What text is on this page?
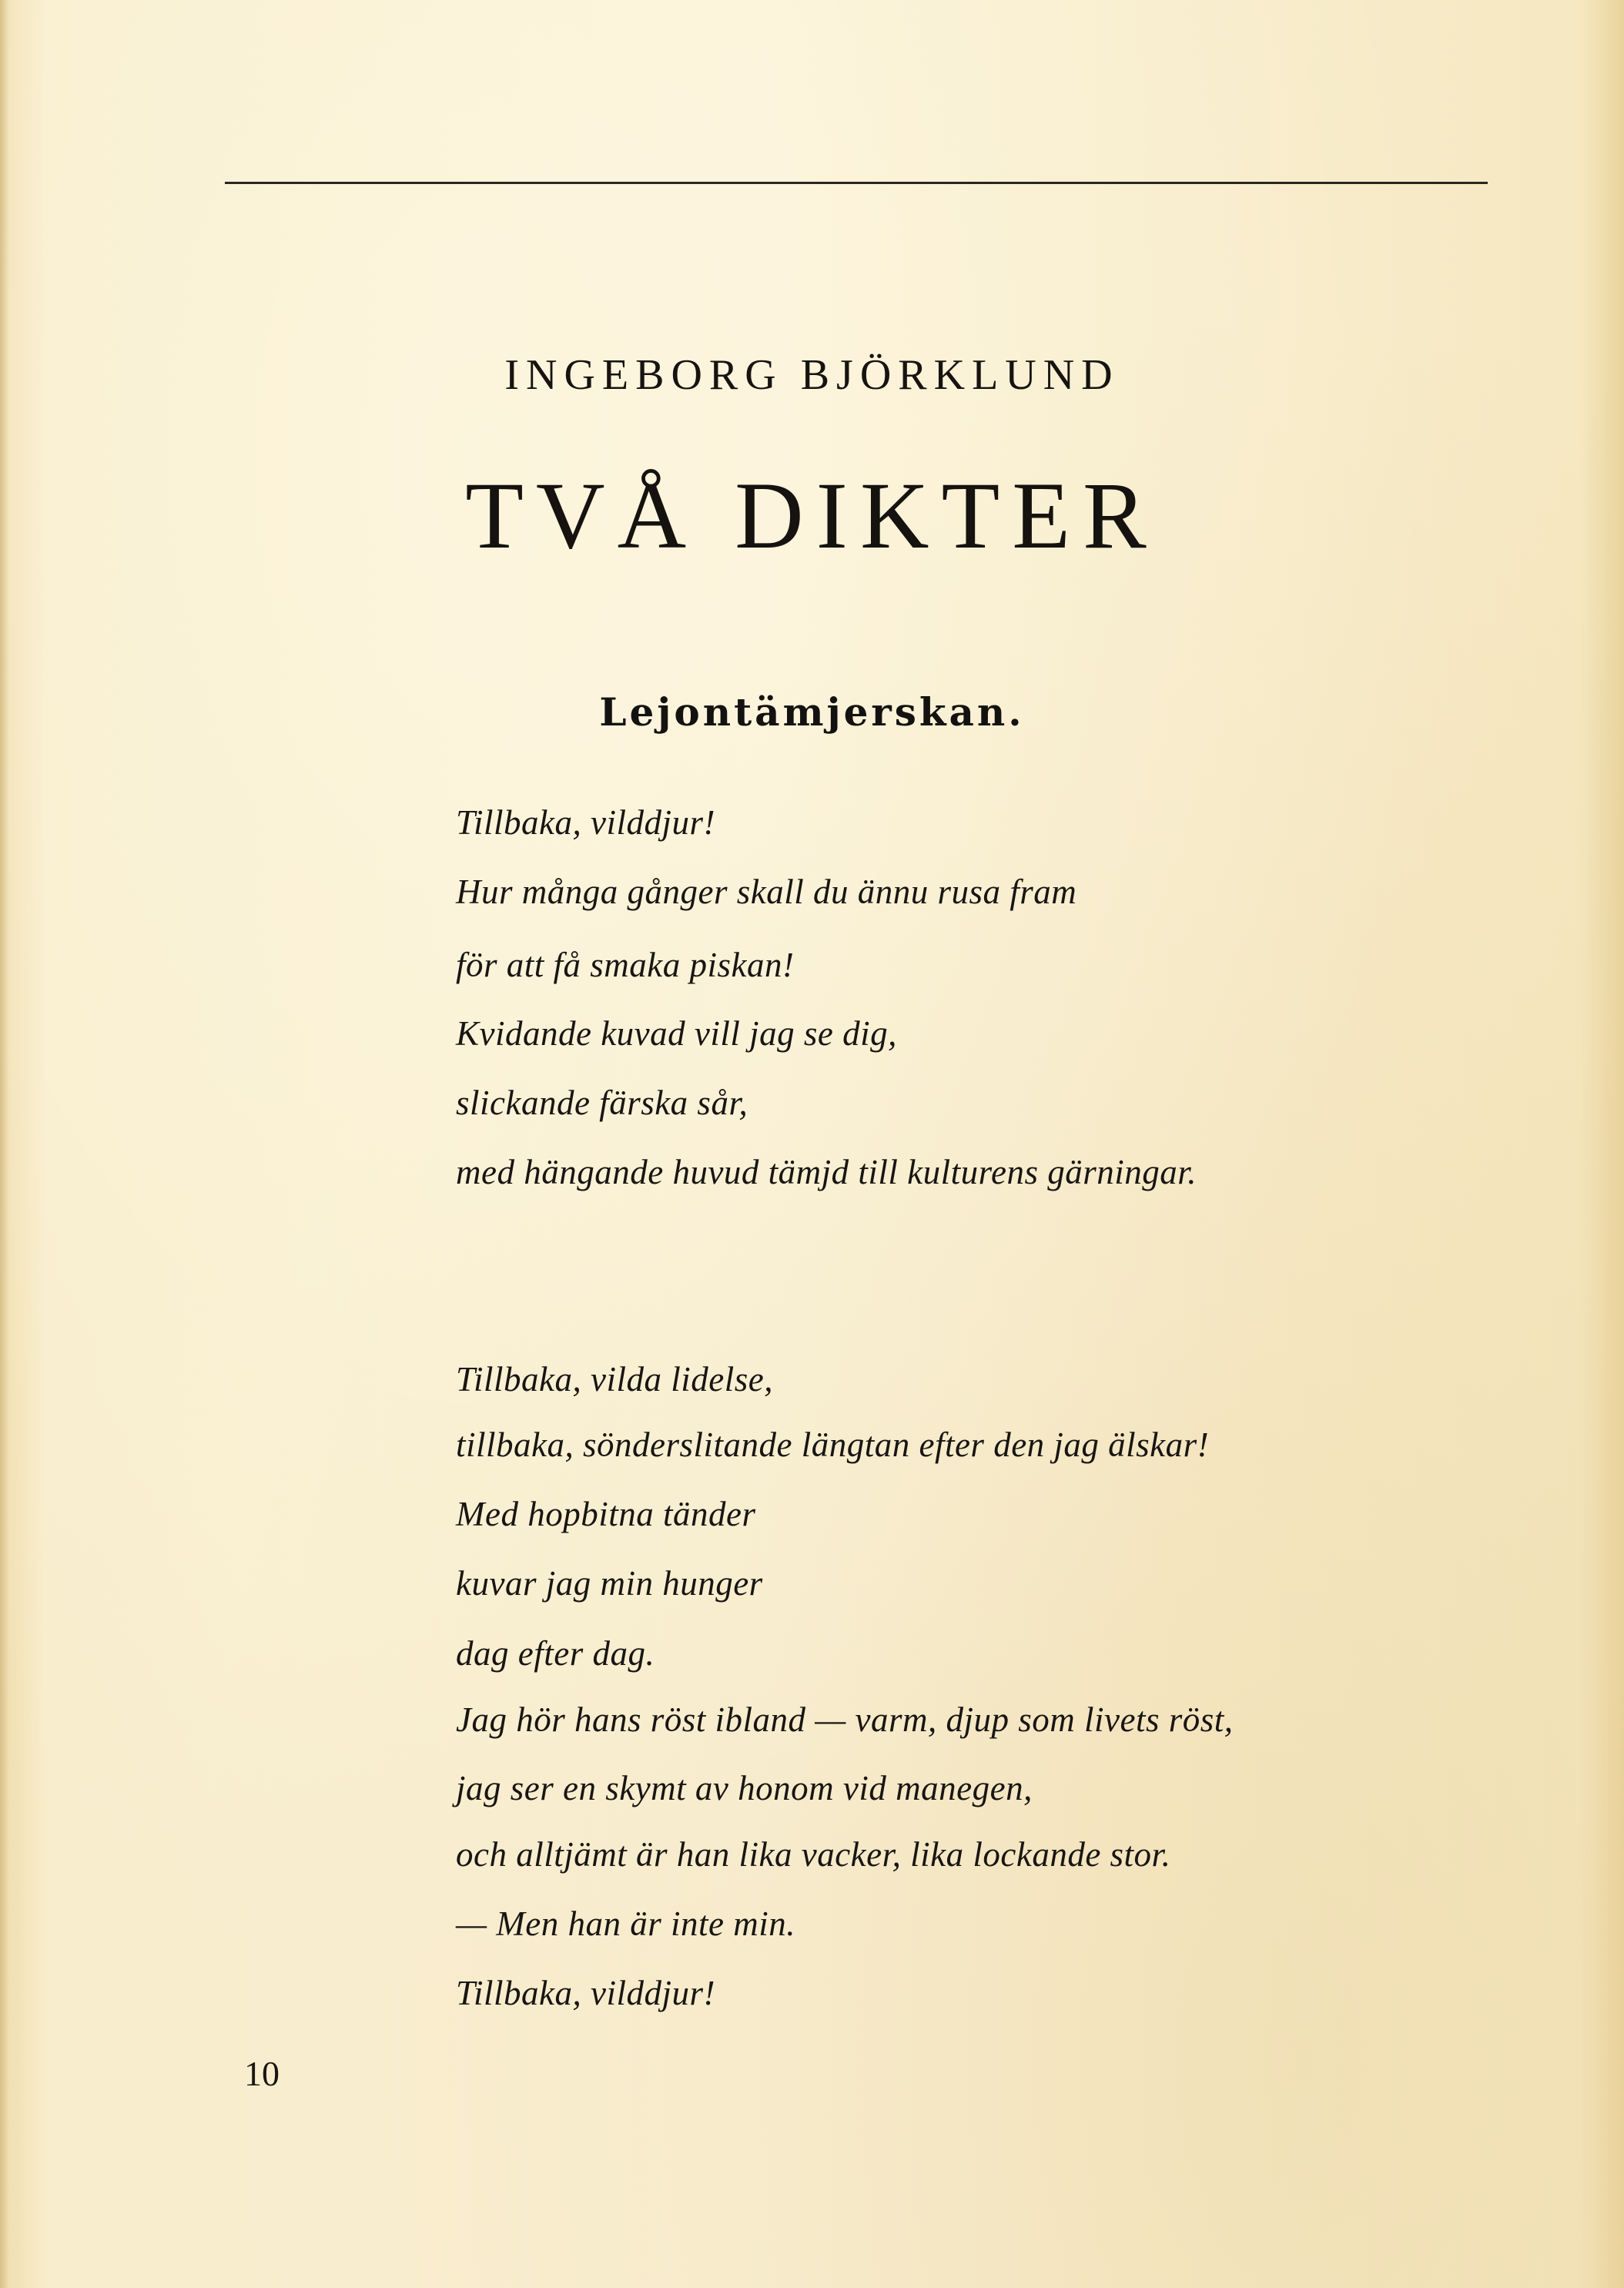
INGEBORG BJÖRKLUND
TVÅ DIKTER
Lejontämjerskan.
Tillbaka, vilddjur!
Hur många gånger skall du ännu rusa fram
för att få smaka piskan!
Kvidande kuvad vill jag se dig,
slickande färska sår,
med hängande huvud tämjd till kulturens gärningar.
Tillbaka, vilda lidelse,
tillbaka, sönderslitande längtan efter den jag älskar!
Med hopbitna tänder
kuvar jag min hunger
dag efter dag.
Jag hör hans röst ibland — varm, djup som livets röst,
jag ser en skymt av honom vid manegen,
och alltjämt är han lika vacker, lika lockande stor.
— Men han är inte min.
Tillbaka, vilddjur!
10
